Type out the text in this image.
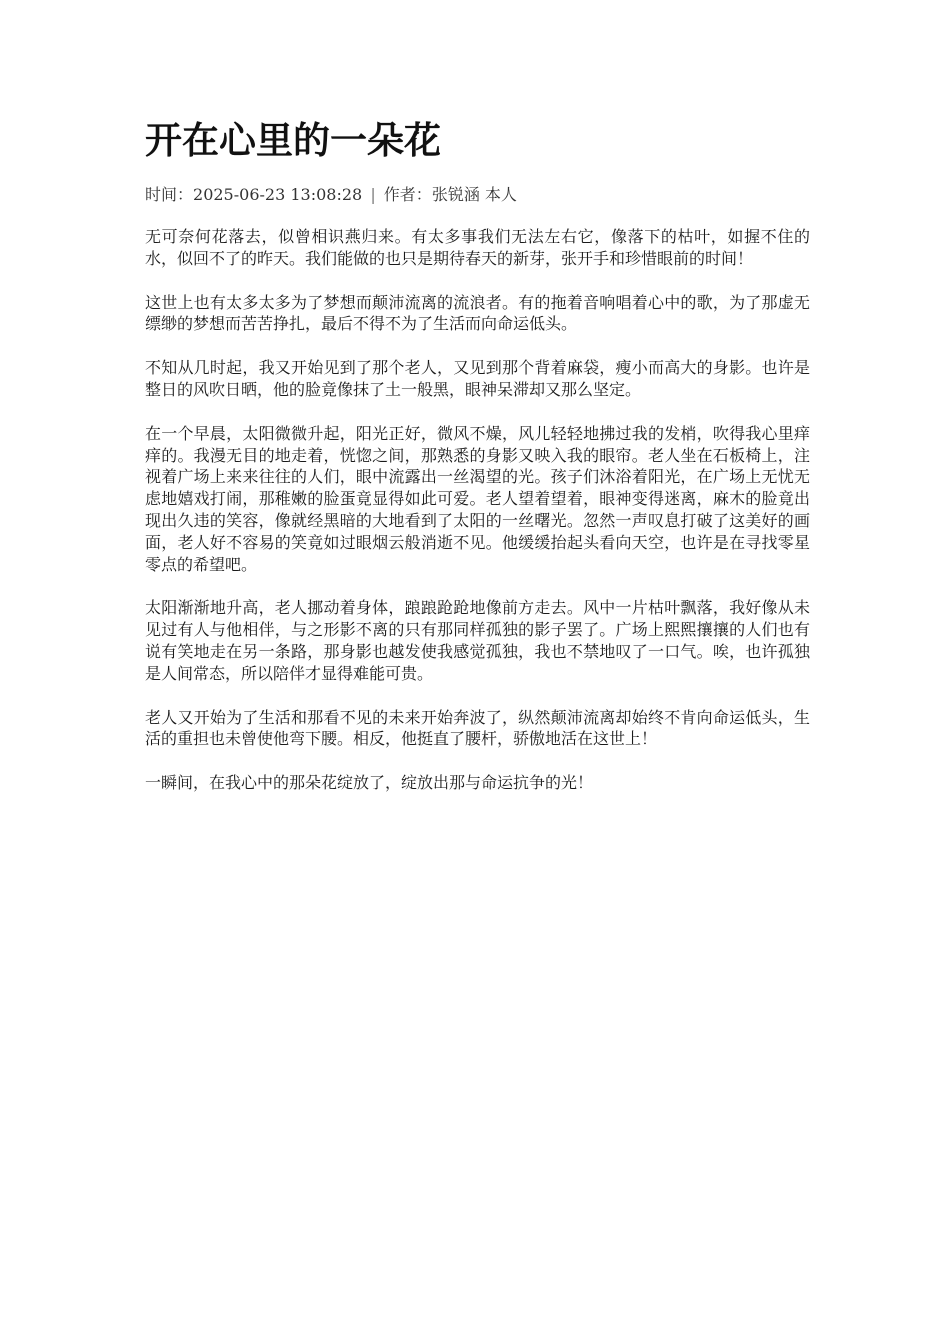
开在心里的一朵花
时间：2025-06-23 13:08:28 | 作者：张锐涵 本人

无可奈何花落去，似曾相识燕归来。有太多事我们无法左右它，像落下的枯叶，如握不住的水，似回不了的昨天。我们能做的也只是期待春天的新芽，张开手和珍惜眼前的时间！

这世上也有太多太多为了梦想而颠沛流离的流浪者。有的拖着音响唱着心中的歌，为了那虚无缥缈的梦想而苦苦挣扎，最后不得不为了生活而向命运低头。

不知从几时起，我又开始见到了那个老人，又见到那个背着麻袋，瘦小而高大的身影。也许是整日的风吹日晒，他的脸竟像抹了土一般黑，眼神呆滞却又那么坚定。

在一个早晨，太阳微微升起，阳光正好，微风不燥，风儿轻轻地拂过我的发梢，吹得我心里痒痒的。我漫无目的地走着，恍惚之间，那熟悉的身影又映入我的眼帘。老人坐在石板椅上，注视着广场上来来往往的人们，眼中流露出一丝渴望的光。孩子们沐浴着阳光，在广场上无忧无虑地嬉戏打闹，那稚嫩的脸蛋竟显得如此可爱。老人望着望着，眼神变得迷离，麻木的脸竟出现出久违的笑容，像就经黑暗的大地看到了太阳的一丝曙光。忽然一声叹息打破了这美好的画面，老人好不容易的笑竟如过眼烟云般消逝不见。他缓缓抬起头看向天空，也许是在寻找零星零点的希望吧。

太阳渐渐地升高，老人挪动着身体，踉踉跄跄地像前方走去。风中一片枯叶飘落，我好像从未见过有人与他相伴，与之形影不离的只有那同样孤独的影子罢了。广场上熙熙攘攘的人们也有说有笑地走在另一条路，那身影也越发使我感觉孤独，我也不禁地叹了一口气。唉，也许孤独是人间常态，所以陪伴才显得难能可贵。

老人又开始为了生活和那看不见的未来开始奔波了，纵然颠沛流离却始终不肯向命运低头，生活的重担也未曾使他弯下腰。相反，他挺直了腰杆，骄傲地活在这世上！

一瞬间，在我心中的那朵花绽放了，绽放出那与命运抗争的光！
